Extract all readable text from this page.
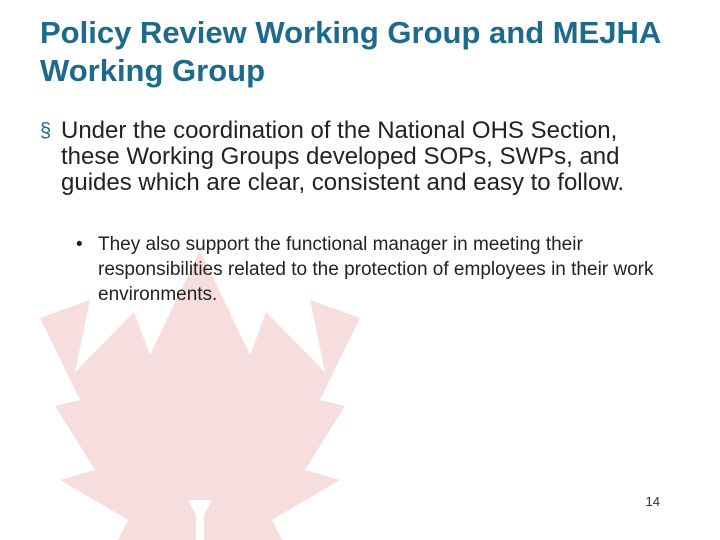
Policy Review Working Group and MEJHA Working Group
§ Under the coordination of the National OHS Section, these Working Groups developed SOPs, SWPs, and guides which are clear, consistent and easy to follow.
• They also support the functional manager in meeting their responsibilities related to the protection of employees in their work environments.
14
